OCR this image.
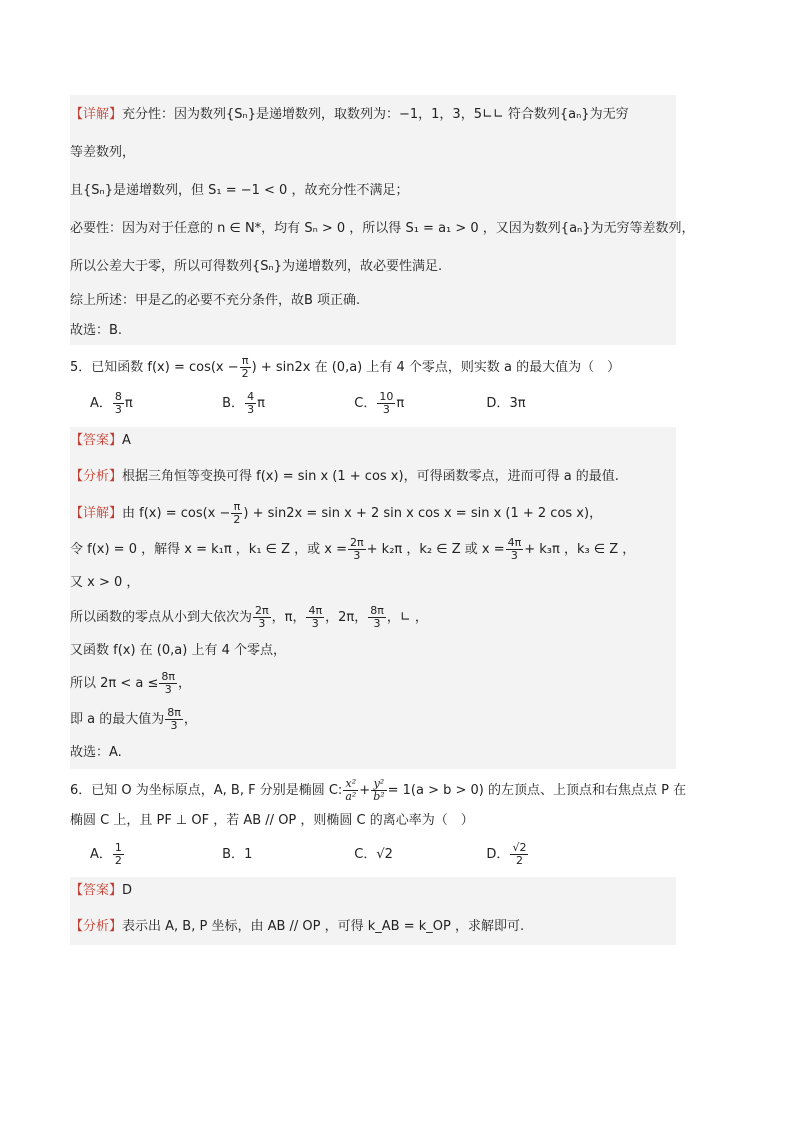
【详解】充分性：因为数列{Sₙ}是递增数列，取数列为：−1，1，3，5∟∟ 符合数列{aₙ}为无穷
等差数列，
且{Sₙ}是递增数列，但 S₁ = −1 < 0 ，故充分性不满足；
必要性：因为对于任意的 n ∈ N*，均有 Sₙ > 0 ，所以得 S₁ = a₁ > 0 ，又因为数列{aₙ}为无穷等差数列，
所以公差大于零，所以可得数列{Sₙ}为递增数列，故必要性满足.
综上所述：甲是乙的必要不充分条件，故B 项正确.
故选：B.
5．已知函数 $f(x) = \cos(x - \frac{\pi}{2}$ ) + sin2x 在 (0,a) 上有 4 个零点，则实数 a 的最大值为（　）
A． $\frac{8}{3}$ π	B． $\frac{4}{3}$ π	C． $\frac{10}{3}$ π	D．3π
【答案】A
【分析】根据三角恒等变换可得 f(x) = sin x (1 + cos x)，可得函数零点，进而可得 a 的最值.
【详解】由 $f(x) = \cos(x - \frac{\pi}{2}$ ) + sin2x = sin x + 2 sin x cos x = sin x (1 + 2 cos x)，
令 f(x) = 0 ，解得 x = k₁π ，k₁ ∈ Z ，或 $x = \frac{2\pi}{3} + k_2\pi$ ，k₂ ∈ Z 或 $x = \frac{4\pi}{3} + k_3\pi$ ，k₃ ∈ Z ，
又 x > 0 ，
所以函数的零点从小到大依次为 $\frac{2\pi}{3}$ ，π， $\frac{4\pi}{3}$ ，2π， $\frac{8\pi}{3}$ ，∟ ，
又函数 f(x) 在 (0,a) 上有 4 个零点，
所以 $2\pi < a \le \frac{8\pi}{3}$ ，
即 a 的最大值为 $\frac{8\pi}{3}$ ，
故选：A.
6．已知 O 为坐标原点，A, B, F 分别是椭圆 C: $\frac{\text{x²}}{\text{a²}} + \frac{\text{y²}}{\text{b²}} = 1(a > b > 0)$ 的左顶点、上顶点和右焦点点 P 在
椭圆 C 上，且 PF ⊥ OF ，若 AB // OP ，则椭圆 C 的离心率为（　）
A． $\frac{1}{2}$	B．1	C．√2	D． $\frac{√2}{2}$
【答案】D
【分析】表示出 A, B, P 坐标，由 AB // OP ，可得 k_AB = k_OP ，求解即可.
